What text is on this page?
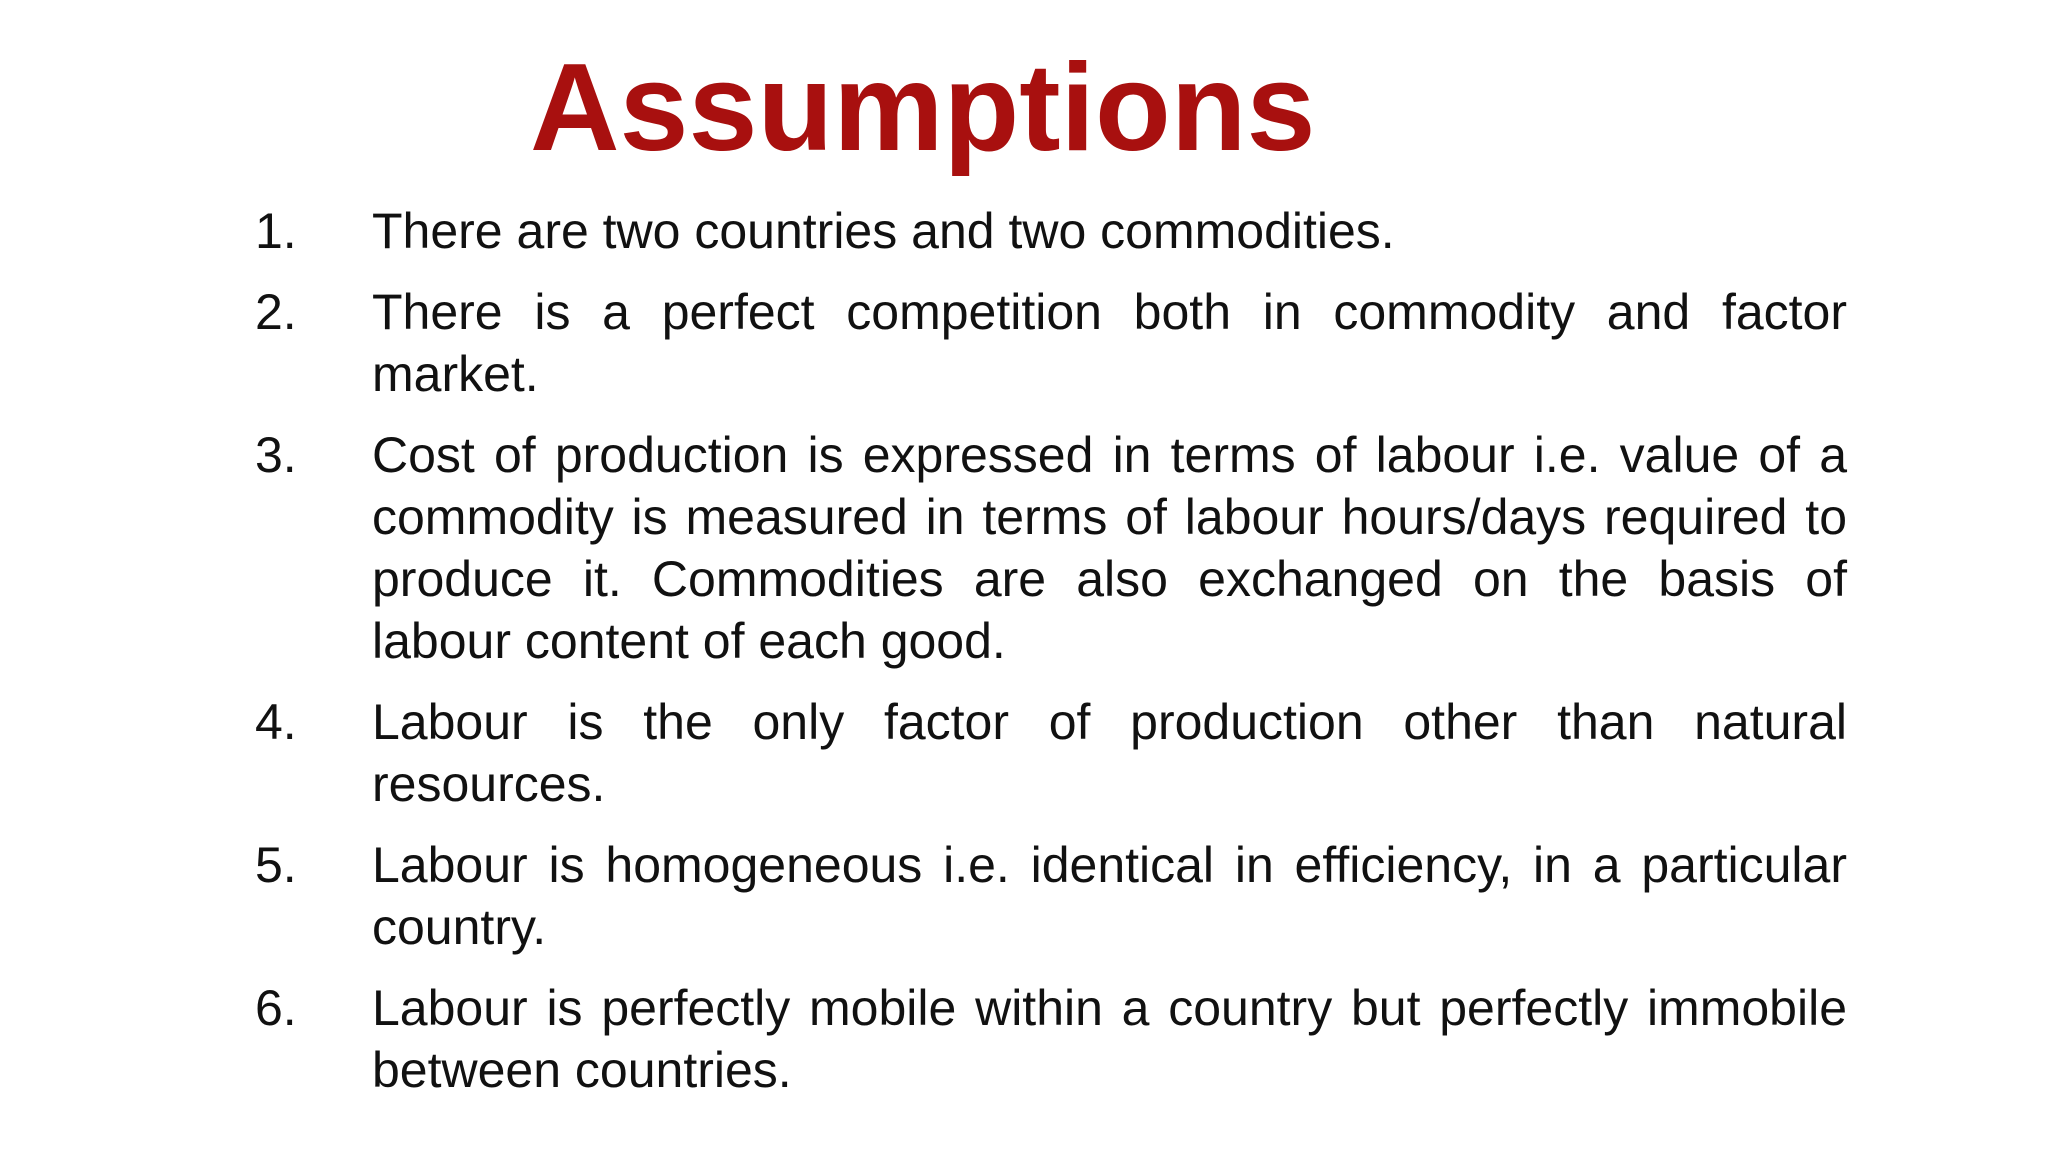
Assumptions
1.	There are two countries and two commodities.
2.	There is a perfect competition both in commodity and factor market.
3.	Cost of production is expressed in terms of labour i.e. value of a commodity is measured in terms of labour hours/days required to produce it. Commodities are also exchanged on the basis of labour content of each good.
4.	Labour is the only factor of production other than natural resources.
5.	Labour is homogeneous i.e. identical in efficiency, in a particular country.
6.	Labour is perfectly mobile within a country but perfectly immobile between countries.
